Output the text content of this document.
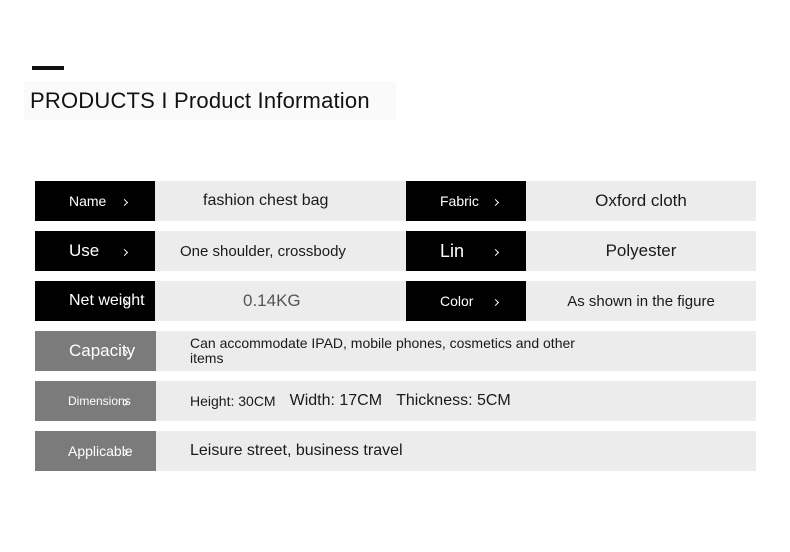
PRODUCTS I Product Information
Name	fashion chest bag	Fabric	Oxford cloth
Use	One shoulder, crossbody	Lin	Polyester
Net weight	0.14KG	Color	As shown in the figure
Capacity	Can accommodate IPAD, mobile phones, cosmetics and other items
Dimensions	Height: 30CM Width: 17CM Thickness: 5CM
Applicable	Leisure street, business travel
